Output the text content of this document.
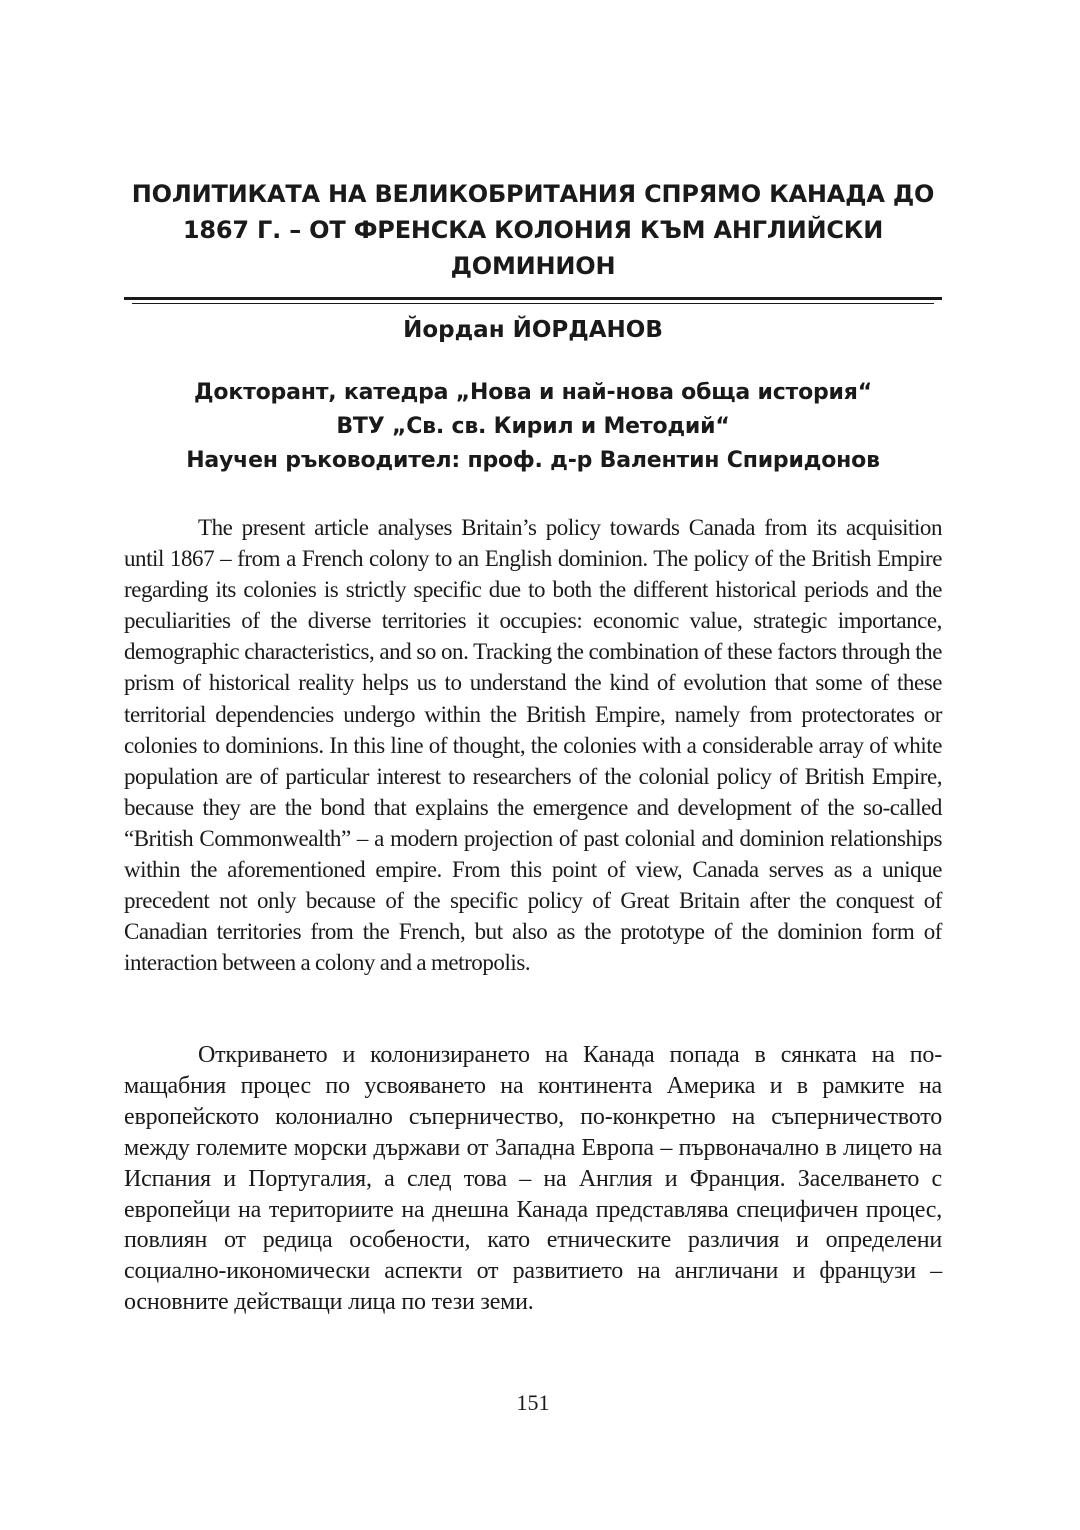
ПОЛИТИКАТА НА ВЕЛИКОБРИТАНИЯ СПРЯМО КАНАДА ДО
1867 Г. – ОТ ФРЕНСКА КОЛОНИЯ КЪМ АНГЛИЙСКИ
ДОМИНИОН
Йордан ЙОРДАНОВ
Докторант, катедра „Нова и най-нова обща история“
ВТУ „Св. св. Кирил и Методий“
Научен ръководител: проф. д-р Валентин Спиридонов

The present article analyses Britain’s policy towards Canada from its acquisition until 1867 – from a French colony to an English dominion. The policy of the British Empire regarding its colonies is strictly specific due to both the different historical periods and the peculiarities of the diverse territories it occupies: economic value, strategic importance, demographic characteristics, and so on. Tracking the combination of these factors through the prism of historical reality helps us to understand the kind of evolution that some of these territorial dependencies undergo within the British Empire, namely from protectorates or colonies to dominions. In this line of thought, the colonies with a considerable array of white population are of particular interest to researchers of the colonial policy of British Empire, because they are the bond that explains the emergence and development of the so-called “British Commonwealth” – a modern projection of past colonial and dominion relationships within the aforementioned empire. From this point of view, Canada serves as a unique precedent not only because of the specific policy of Great Britain after the conquest of Canadian territories from the French, but also as the prototype of the dominion form of interaction between a colony and a metropolis.

Откриването и колонизирането на Канада попада в сянката на по-мащабния процес по усвояването на континента Америка и в рамките на европейското колониално съперничество, по-конкретно на съперничеството между големите морски държави от Западна Европа – първоначално в лицето на Испания и Португалия, а след това – на Англия и Франция. Заселването с европейци на териториите на днешна Канада представлява специфичен процес, повлиян от редица особености, като етническите различия и определени социално-икономически аспекти от развитието на англичани и французи – основните действащи лица по тези земи.

151
